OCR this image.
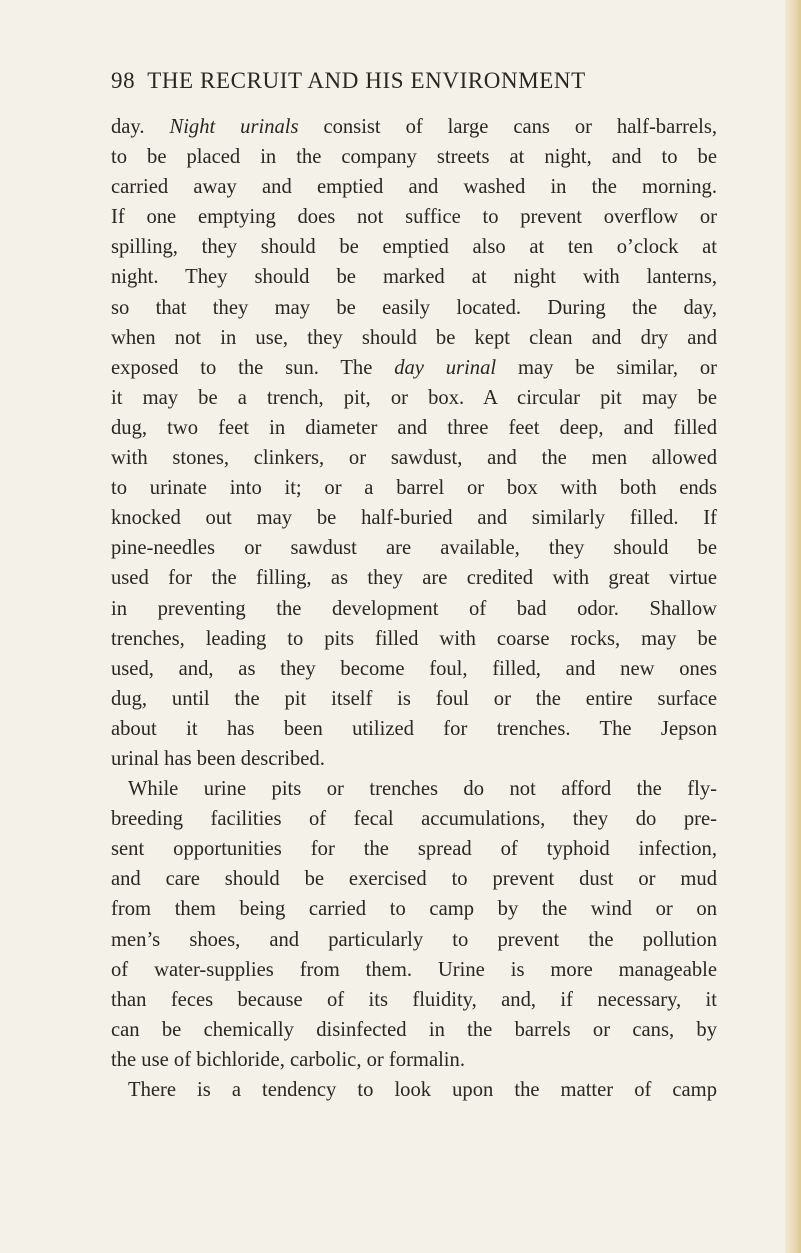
98 THE RECRUIT AND HIS ENVIRONMENT
day. Night urinals consist of large cans or half-barrels,
to be placed in the company streets at night, and to be
carried away and emptied and washed in the morning.
If one emptying does not suffice to prevent overflow or
spilling, they should be emptied also at ten o’clock at
night. They should be marked at night with lanterns,
so that they may be easily located. During the day,
when not in use, they should be kept clean and dry and
exposed to the sun. The day urinal may be similar, or
it may be a trench, pit, or box. A circular pit may be
dug, two feet in diameter and three feet deep, and filled
with stones, clinkers, or sawdust, and the men allowed
to urinate into it; or a barrel or box with both ends
knocked out may be half-buried and similarly filled. If
pine-needles or sawdust are available, they should be
used for the filling, as they are credited with great virtue
in preventing the development of bad odor. Shallow
trenches, leading to pits filled with coarse rocks, may be
used, and, as they become foul, filled, and new ones
dug, until the pit itself is foul or the entire surface
about it has been utilized for trenches. The Jepson
urinal has been described.
While urine pits or trenches do not afford the fly-
breeding facilities of fecal accumulations, they do pre-
sent opportunities for the spread of typhoid infection,
and care should be exercised to prevent dust or mud
from them being carried to camp by the wind or on
men’s shoes, and particularly to prevent the pollution
of water-supplies from them. Urine is more manageable
than feces because of its fluidity, and, if necessary, it
can be chemically disinfected in the barrels or cans, by
the use of bichloride, carbolic, or formalin.
There is a tendency to look upon the matter of camp
